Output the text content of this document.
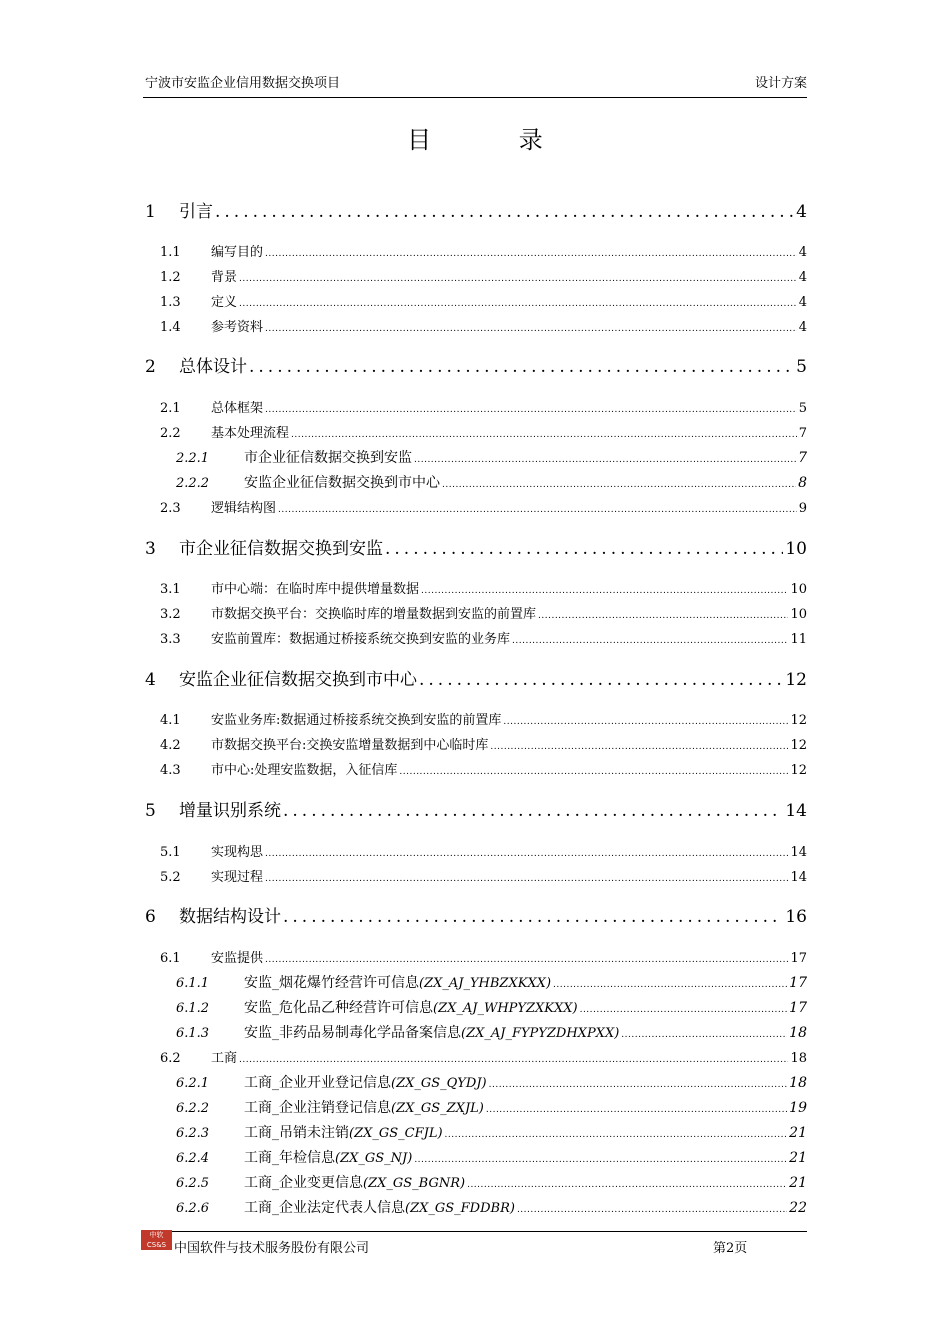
宁波市安监企业信用数据交换项目	设计方案
目 录
1	引言 .....	4
1.1	编写目的 .....	4
1.2	背景 .....	4
1.3	定义 .....	4
1.4	参考资料 .....	4
2	总体设计 .....	5
2.1	总体框架 .....	5
2.2	基本处理流程 .....	7
2.2.1	市企业征信数据交换到安监 .....	7
2.2.2	安监企业征信数据交换到市中心 .....	8
2.3	逻辑结构图 .....	9
3	市企业征信数据交换到安监 .....	10
3.1	市中心端：在临时库中提供增量数据 .....	10
3.2	市数据交换平台：交换临时库的增量数据到安监的前置库 .....	10
3.3	安监前置库：数据通过桥接系统交换到安监的业务库 .....	11
4	安监企业征信数据交换到市中心 .....	12
4.1	安监业务库:数据通过桥接系统交换到安监的前置库 .....	12
4.2	市数据交换平台:交换安监增量数据到中心临时库 .....	12
4.3	市中心:处理安监数据，入征信库 .....	12
5	增量识别系统 .....	14
5.1	实现构思 .....	14
5.2	实现过程 .....	14
6	数据结构设计 .....	16
6.1	安监提供 .....	17
6.1.1	安监_烟花爆竹经营许可信息 (ZX_AJ_YHBZXKXX) .....	17
6.1.2	安监_危化品乙种经营许可信息 (ZX_AJ_WHPYZXKXX) .....	17
6.1.3	安监_非药品易制毒化学品备案信息 (ZX_AJ_FYPYZDHXPXX) .....	18
6.2	工商 .....	18
6.2.1	工商_企业开业登记信息 (ZX_GS_QYDJ) .....	18
6.2.2	工商_企业注销登记信息 (ZX_GS_ZXJL) .....	19
6.2.3	工商_吊销未注销 (ZX_GS_CFJL) .....	21
6.2.4	工商_年检信息 (ZX_GS_NJ) .....	21
6.2.5	工商_企业变更信息 (ZX_GS_BGNR) .....	21
6.2.6	工商_企业法定代表人信息 (ZX_GS_FDDBR) .....	22
中软
CS&S 中国软件与技术服务股份有限公司	第2页
